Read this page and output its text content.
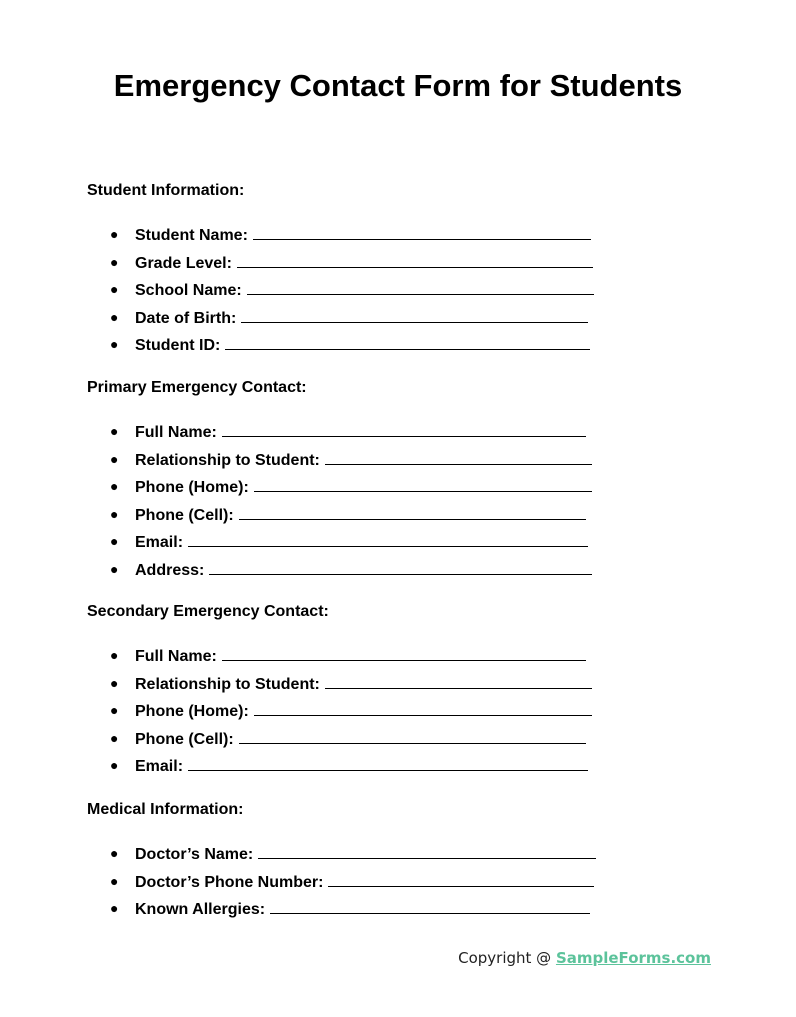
Emergency Contact Form for Students
Student Information:
● Student Name:
● Grade Level:
● School Name:
● Date of Birth:
● Student ID:
Primary Emergency Contact:
● Full Name:
● Relationship to Student:
● Phone (Home):
● Phone (Cell):
● Email:
● Address:
Secondary Emergency Contact:
● Full Name:
● Relationship to Student:
● Phone (Home):
● Phone (Cell):
● Email:
Medical Information:
● Doctor’s Name:
● Doctor’s Phone Number:
● Known Allergies:
Copyright @ SampleForms.com
